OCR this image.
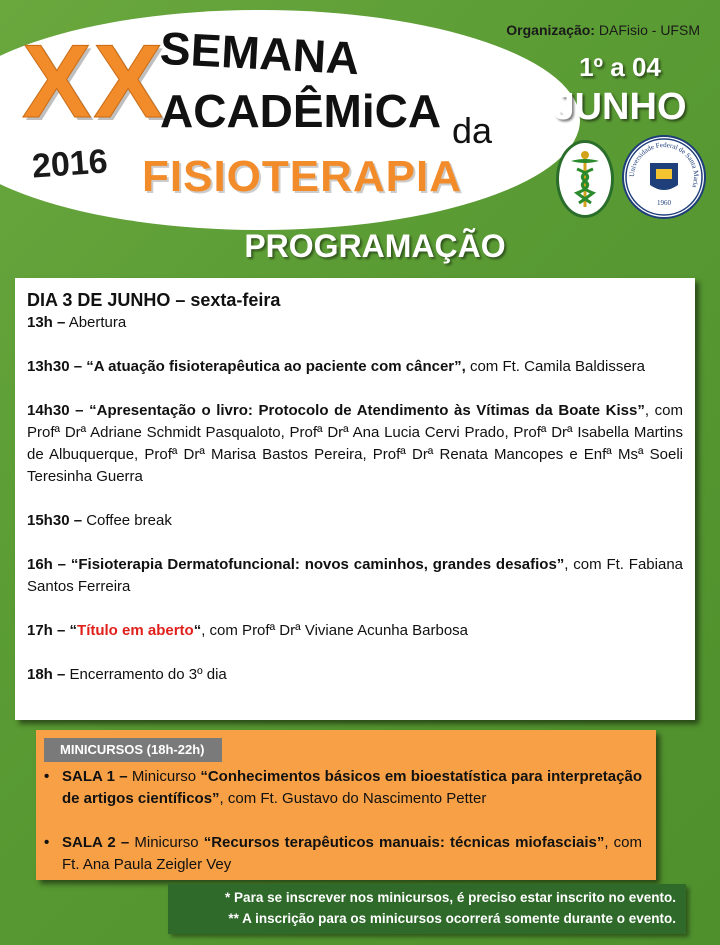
XX
2016
SEMANA
ACADÊMiCA da
FISIOTERAPIA
Organização: DAFisio - UFSM
1º a 04
JUNHO
Universidade Federal de Santa Maria
1960
PROGRAMAÇÃO
DIA 3 DE JUNHO – sexta-feira
13h – Abertura
13h30 – “A atuação fisioterapêutica ao paciente com câncer”, com Ft. Camila Baldissera
14h30 – “Apresentação o livro: Protocolo de Atendimento às Vítimas da Boate Kiss”, com Profª Drª Adriane Schmidt Pasqualoto, Profª Drª Ana Lucia Cervi Prado, Profª Drª Isabella Martins de Albuquerque, Profª Drª Marisa Bastos Pereira, Profª Drª Renata Mancopes e Enfª Msª Soeli Teresinha Guerra
15h30 – Coffee break
16h – “Fisioterapia Dermatofuncional: novos caminhos, grandes desafios”, com Ft. Fabiana Santos Ferreira
17h – “Título em aberto“, com Profª Drª Viviane Acunha Barbosa
18h – Encerramento do 3º dia
• SALA 1 – Minicurso “Conhecimentos básicos em bioestatística para interpretação de artigos científicos”, com Ft. Gustavo do Nascimento Petter
• SALA 2 – Minicurso “Recursos terapêuticos manuais: técnicas miofasciais”, com Ft. Ana Paula Zeigler Vey
MINICURSOS (18h-22h)
* Para se inscrever nos minicursos, é preciso estar inscrito no evento.
** A inscrição para os minicursos ocorrerá somente durante o evento.
